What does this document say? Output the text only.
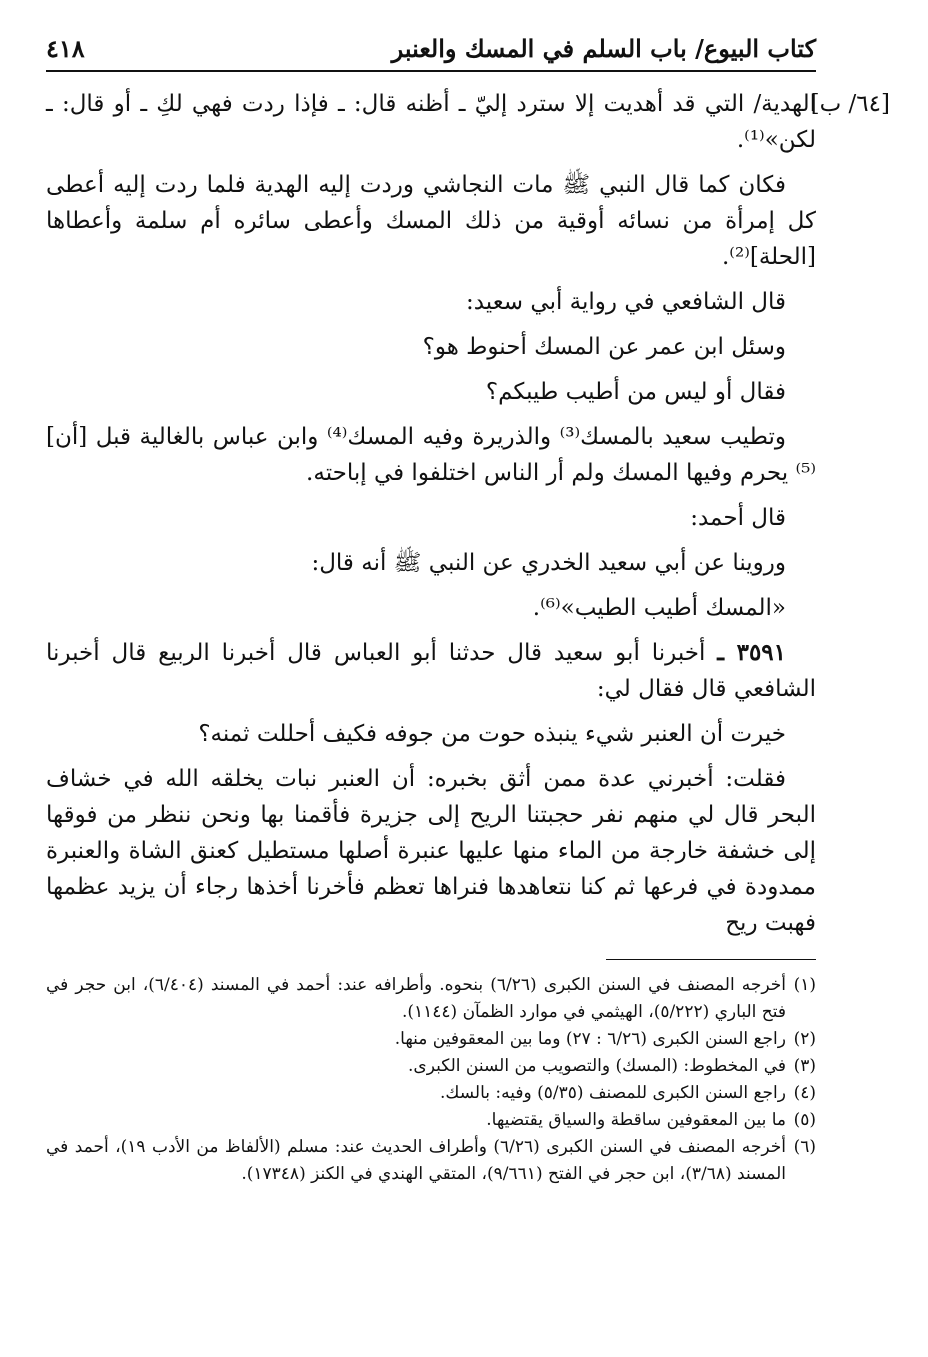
كتاب البيوع/ باب السلم في المسك والعنبر
٤١٨
[٦٤/ ب]

الهدية/ التي قد أهديت إلا سترد إليّ ـ أظنه قال: ـ فإذا ردت فهي لكِ ـ أو قال: ـ لكن»⁽¹⁾.

فكان كما قال النبي ﷺ مات النجاشي وردت إليه الهدية فلما ردت إليه أعطى كل إمرأة من نسائه أوقية من ذلك المسك وأعطى سائره أم سلمة وأعطاها [الحلة]⁽²⁾.

قال الشافعي في رواية أبي سعيد:

وسئل ابن عمر عن المسك أحنوط هو؟

فقال أو ليس من أطيب طيبكم؟

وتطيب سعيد بالمسك⁽³⁾ والذريرة وفيه المسك⁽⁴⁾ وابن عباس بالغالية قبل [أن]⁽⁵⁾ يحرم وفيها المسك ولم أر الناس اختلفوا في إباحته.

قال أحمد:

وروينا عن أبي سعيد الخدري عن النبي ﷺ أنه قال:

«المسك أطيب الطيب»⁽⁶⁾.

٣٥٩١ ـ أخبرنا أبو سعيد قال حدثنا أبو العباس قال أخبرنا الربيع قال أخبرنا الشافعي قال فقال لي:

خيرت أن العنبر شيء ينبذه حوت من جوفه فكيف أحللت ثمنه؟

فقلت: أخبرني عدة ممن أثق بخبره: أن العنبر نبات يخلقه الله في خشاف البحر قال لي منهم نفر حجبتنا الريح إلى جزيرة فأقمنا بها ونحن ننظر من فوقها إلى خشفة خارجة من الماء منها عليها عنبرة أصلها مستطيل كعنق الشاة والعنبرة ممدودة في فرعها ثم كنا نتعاهدها فنراها تعظم فأخرنا أخذها رجاء أن يزيد عظمها فهبت ريح

(١)
أخرجه المصنف في السنن الكبرى (٦/٢٦) بنحوه. وأطرافه عند: أحمد في المسند (٦/٤٠٤)، ابن حجر في فتح الباري (٥/٢٢٢)، الهيثمي في موارد الظمآن (١١٤٤).
(٢)
راجع السنن الكبرى (٦/٢٦ : ٢٧) وما بين المعقوفين منها.
(٣)
في المخطوط: (المسك) والتصويب من السنن الكبرى.
(٤)
راجع السنن الكبرى للمصنف (٥/٣٥) وفيه: بالسك.
(٥)
ما بين المعقوفين ساقطة والسياق يقتضيها.
(٦)
أخرجه المصنف في السنن الكبرى (٦/٢٦) وأطراف الحديث عند: مسلم (الألفاظ من الأدب ١٩)، أحمد في المسند (٣/٦٨)، ابن حجر في الفتح (٩/٦٦١)، المتقي الهندي في الكنز (١٧٣٤٨).
